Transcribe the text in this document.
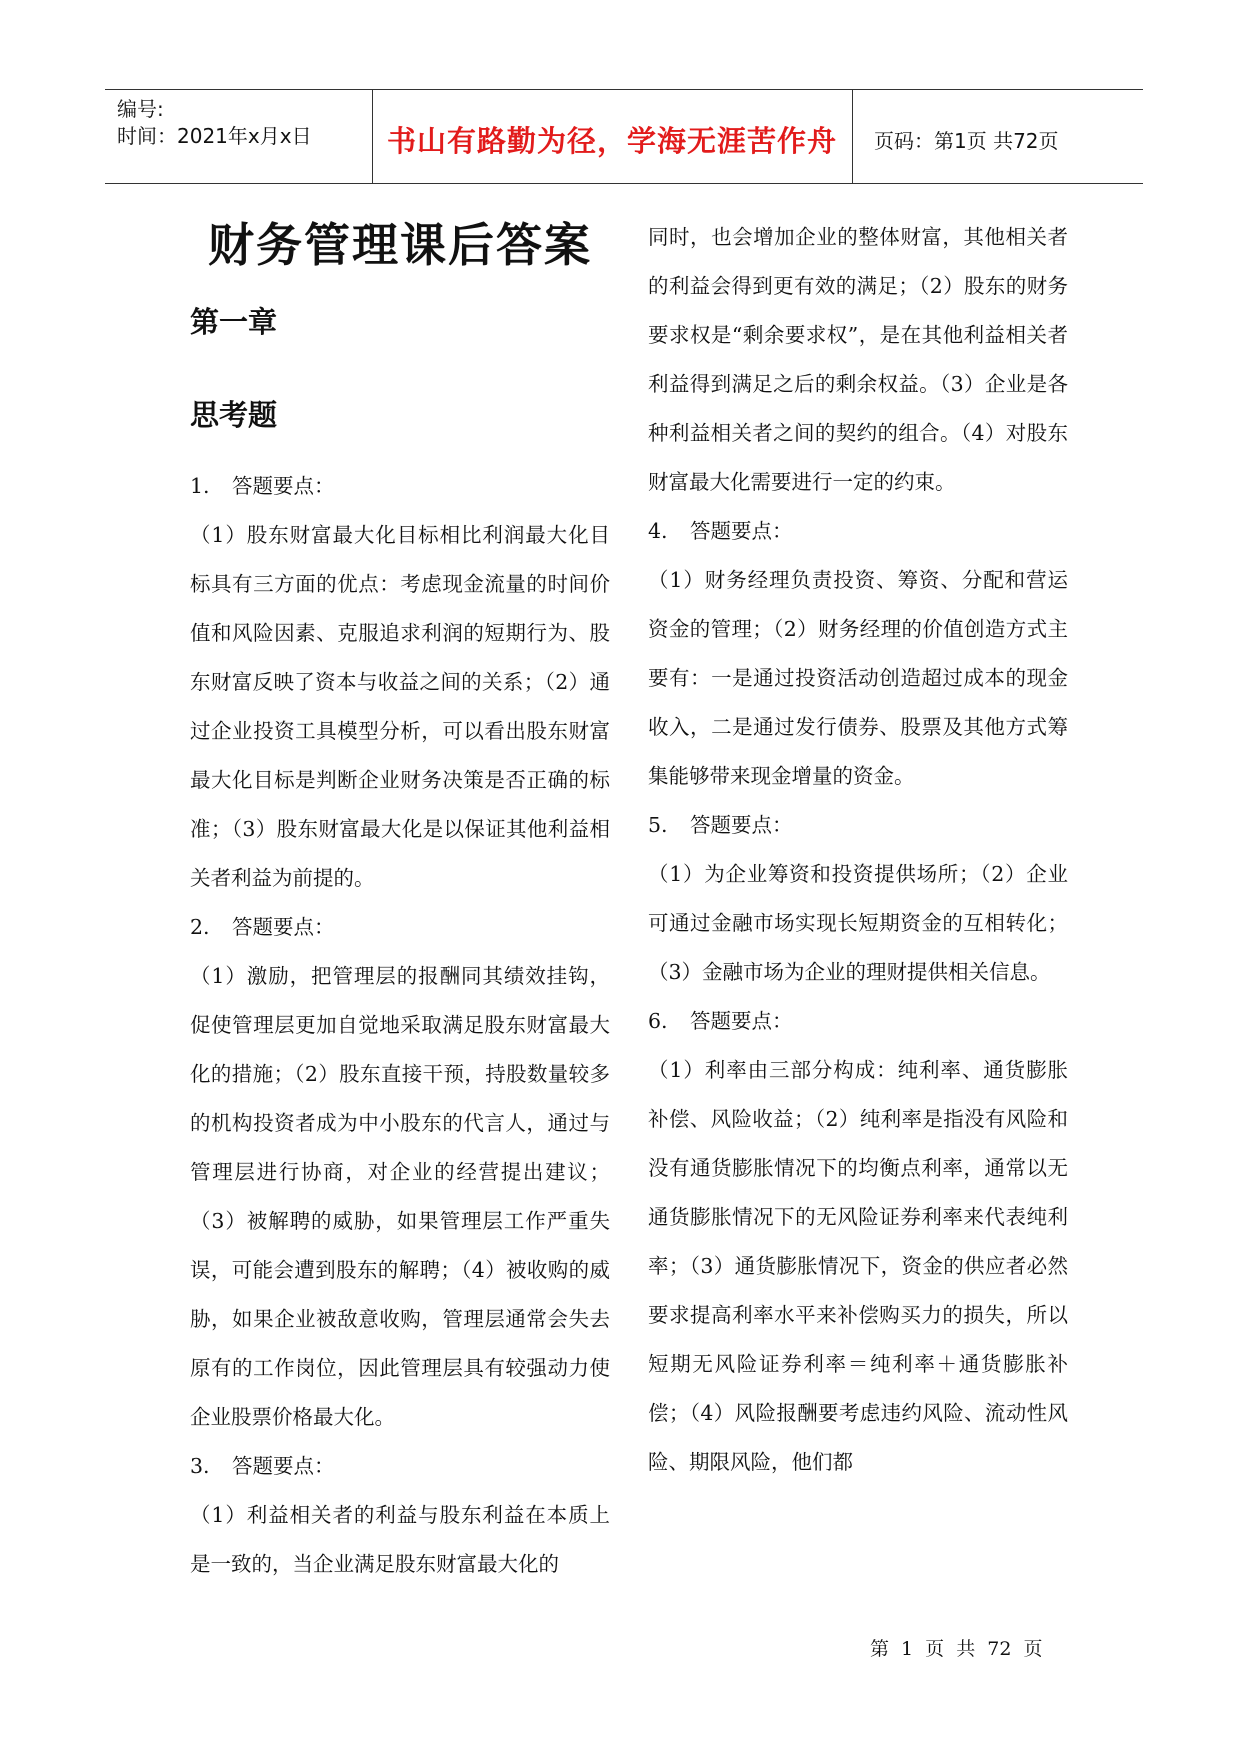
编号:
时间：2021年x月x日	书山有路勤为径，学海无涯苦作舟	页码：第1页 共72页
财务管理课后答案
第一章
思考题
1. 答题要点：
（1）股东财富最大化目标相比利润最大化目标具有三方面的优点：考虑现金流量的时间价值和风险因素、克服追求利润的短期行为、股东财富反映了资本与收益之间的关系；（2）通过企业投资工具模型分析，可以看出股东财富最大化目标是判断企业财务决策是否正确的标准；（3）股东财富最大化是以保证其他利益相关者利益为前提的。
2. 答题要点：
（1）激励，把管理层的报酬同其绩效挂钩，促使管理层更加自觉地采取满足股东财富最大化的措施；（2）股东直接干预，持股数量较多的机构投资者成为中小股东的代言人，通过与管理层进行协商，对企业的经营提出建议；（3）被解聘的威胁，如果管理层工作严重失误，可能会遭到股东的解聘；（4）被收购的威胁，如果企业被敌意收购，管理层通常会失去原有的工作岗位，因此管理层具有较强动力使企业股票价格最大化。
3. 答题要点：
（1）利益相关者的利益与股东利益在本质上是一致的，当企业满足股东财富最大化的
同时，也会增加企业的整体财富，其他相关者的利益会得到更有效的满足；（2）股东的财务要求权是“剩余要求权”，是在其他利益相关者利益得到满足之后的剩余权益。（3）企业是各种利益相关者之间的契约的组合。（4）对股东财富最大化需要进行一定的约束。
4. 答题要点：
（1）财务经理负责投资、筹资、分配和营运资金的管理；（2）财务经理的价值创造方式主要有：一是通过投资活动创造超过成本的现金收入，二是通过发行债券、股票及其他方式筹集能够带来现金增量的资金。
5. 答题要点：
（1）为企业筹资和投资提供场所；（2）企业可通过金融市场实现长短期资金的互相转化；（3）金融市场为企业的理财提供相关信息。
6. 答题要点：
（1）利率由三部分构成：纯利率、通货膨胀补偿、风险收益；（2）纯利率是指没有风险和没有通货膨胀情况下的均衡点利率，通常以无通货膨胀情况下的无风险证券利率来代表纯利率；（3）通货膨胀情况下，资金的供应者必然要求提高利率水平来补偿购买力的损失，所以短期无风险证券利率＝纯利率＋通货膨胀补偿；（4）风险报酬要考虑违约风险、流动性风险、期限风险，他们都
第 1 页 共 72 页
